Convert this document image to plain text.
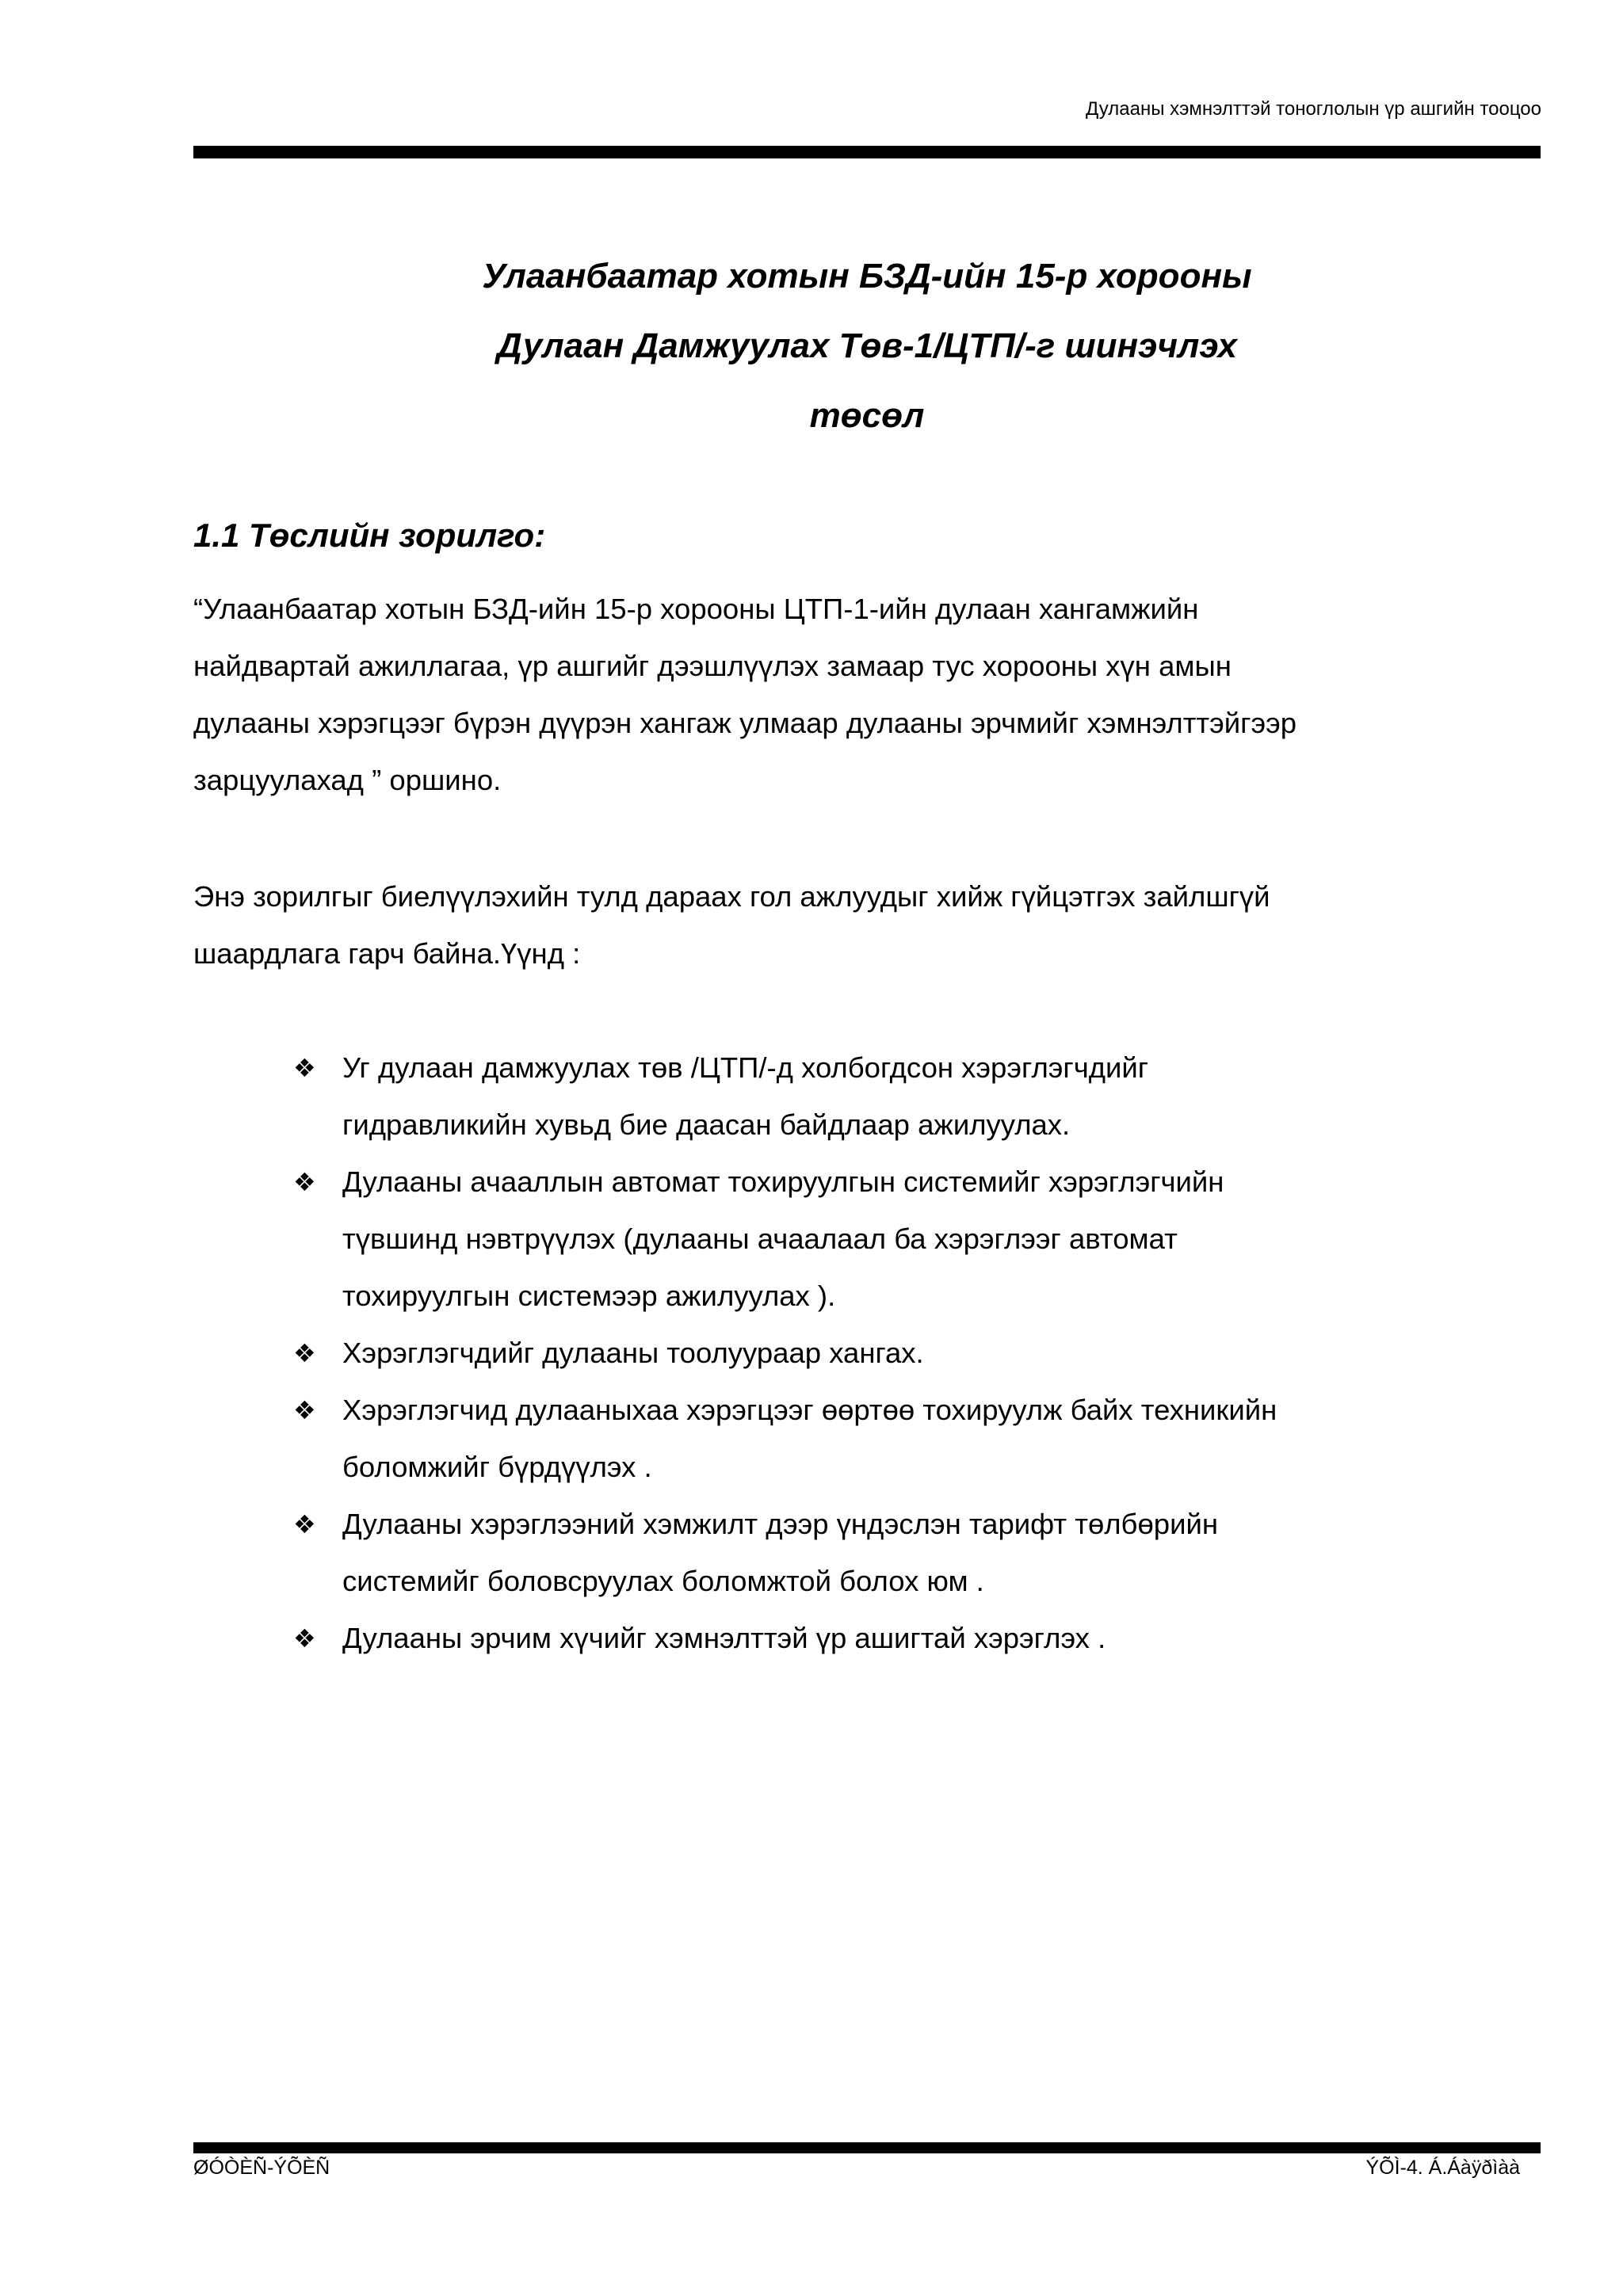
Дулааны хэмнэлттэй тоноглолын үр ашгийн тооцоо
Улаанбаатар хотын БЗД-ийн 15-р хорооны
Дулаан Дамжуулах Төв-1/ЦТП/-г шинэчлэх
төсөл
1.1 Төслийн зорилго:
“Улаанбаатар хотын БЗД-ийн 15-р хорооны ЦТП-1-ийн дулаан хангамжийн
найдвартай ажиллагаа, үр ашгийг дээшлүүлэх замаар тус хорооны хүн амын
дулааны хэрэгцээг бүрэн дүүрэн хангаж улмаар дулааны эрчмийг хэмнэлттэйгээр
зарцуулахад ” оршино.
Энэ зорилгыг биелүүлэхийн тулд дараах гол ажлуудыг хийж гүйцэтгэх зайлшгүй
шаардлага гарч байна.Үүнд :
❖ Уг дулаан дамжуулах төв /ЦТП/-д холбогдсон хэрэглэгчдийг
гидравликийн хувьд бие даасан байдлаар ажилуулах.
❖ Дулааны ачааллын автомат тохируулгын системийг хэрэглэгчийн
түвшинд нэвтрүүлэх (дулааны ачаалаал ба хэрэглээг автомат
тохируулгын системээр ажилуулах ).
❖ Хэрэглэгчдийг дулааны тоолуураар хангах.
❖ Хэрэглэгчид дулааныхаа хэрэгцээг өөртөө тохируулж байх техникийн
боломжийг бүрдүүлэх .
❖ Дулааны хэрэглээний хэмжилт дээр үндэслэн тарифт төлбөрийн
системийг боловсруулах боломжтой болох юм .
❖ Дулааны эрчим хүчийг хэмнэлттэй үр ашигтай хэрэглэх .
ØÓÒÈÑ-ÝÕÈÑ	ÝÕÌ-4. Á.Áàÿðìàà
